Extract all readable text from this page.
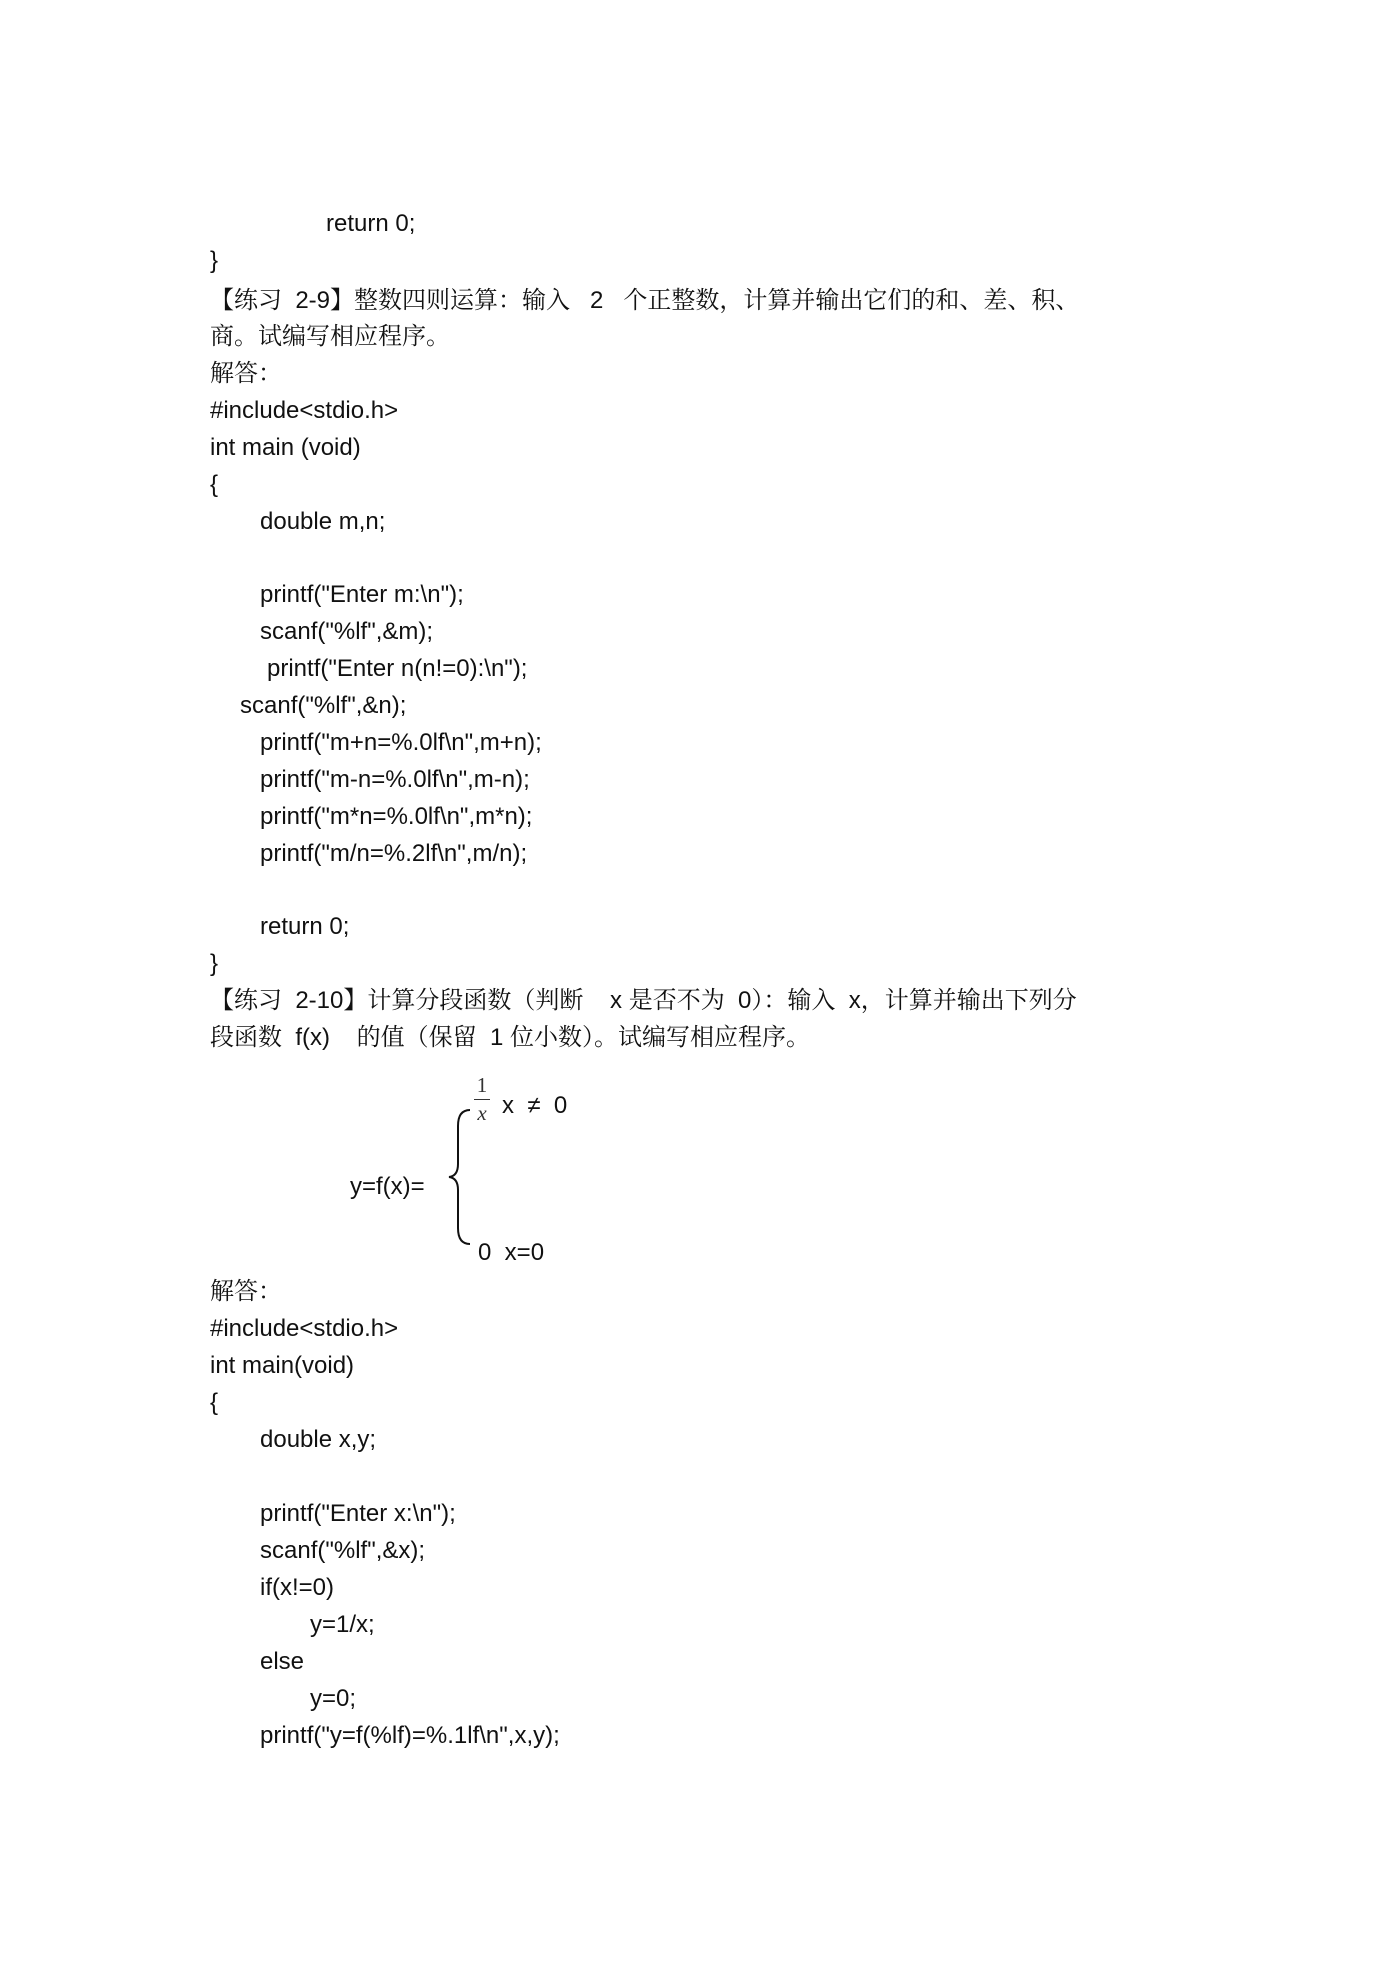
return 0;
}
【练习  2-9】整数四则运算：输入   2   个正整数，计算并输出它们的和、差、积、
商。试编写相应程序。
解答：
#include<stdio.h>
int main (void)
{
double m,n;
printf("Enter m:\n");
scanf("%lf",&m);
printf("Enter n(n!=0):\n");
scanf("%lf",&n);
printf("m+n=%.0lf\n",m+n);
printf("m-n=%.0lf\n",m-n);
printf("m*n=%.0lf\n",m*n);
printf("m/n=%.2lf\n",m/n);
return 0;
}
【练习  2-10】计算分段函数（判断    x 是否不为  0）：输入  x，计算并输出下列分
段函数  f(x)    的值（保留  1 位小数）。试编写相应程序。
y=f(x)=
1
x x  ≠  0
0  x=0
解答：
#include<stdio.h>
int main(void)
{
double x,y;
printf("Enter x:\n");
scanf("%lf",&x);
if(x!=0)
y=1/x;
else
y=0;
printf("y=f(%lf)=%.1lf\n",x,y);
